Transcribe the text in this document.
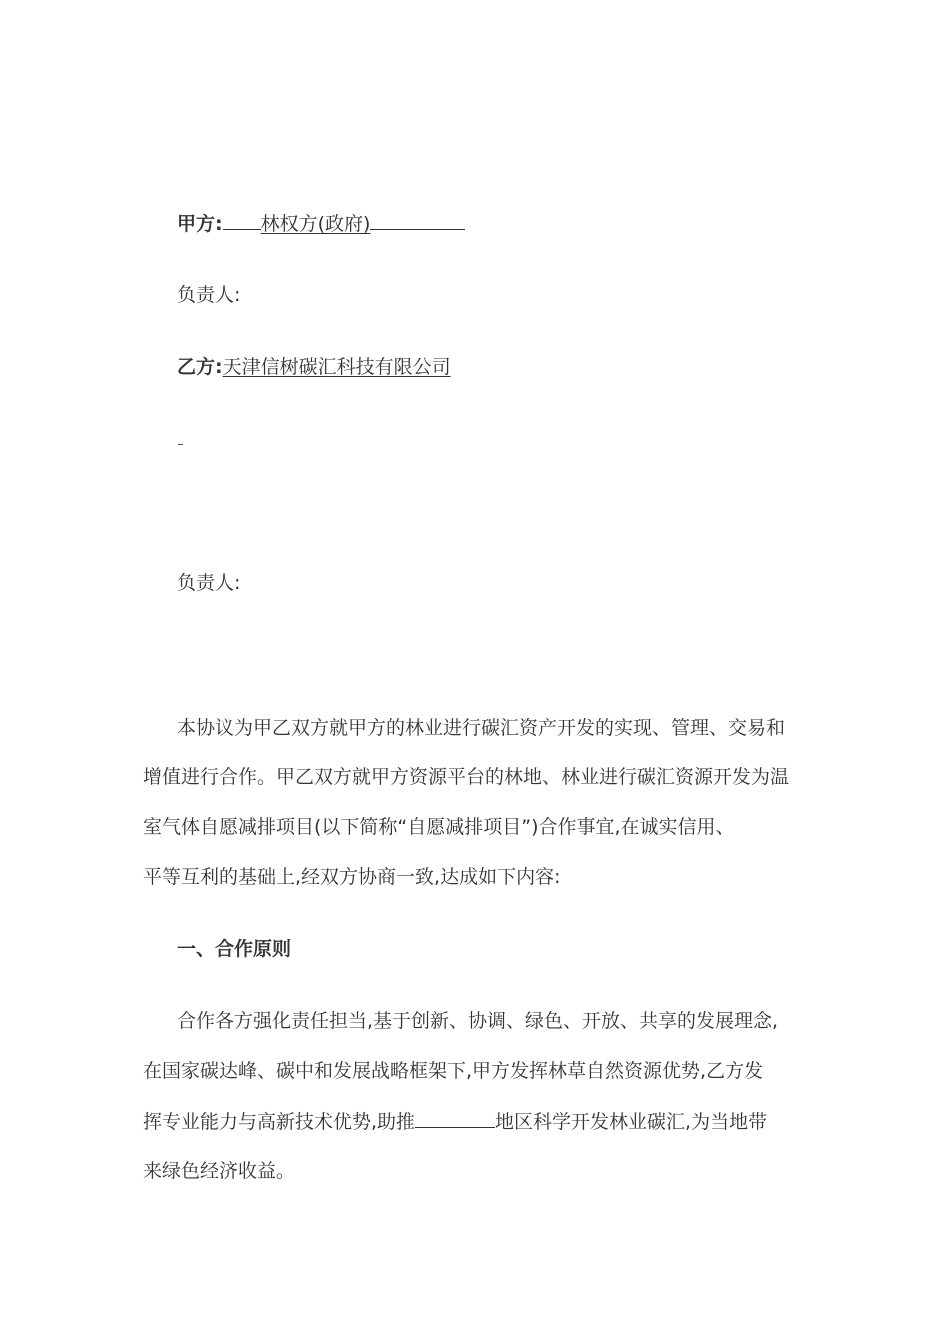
甲方: 林权方(政府)
负责人:
乙方:天津信树碳汇科技有限公司
负责人:
本协议为甲乙双方就甲方的林业进行碳汇资产开发的实现、管理、交易和
增值进行合作。甲乙双方就甲方资源平台的林地、林业进行碳汇资源开发为温
室气体自愿减排项目(以下简称“自愿减排项目”)合作事宜,在诚实信用、
平等互利的基础上,经双方协商一致,达成如下内容:
一、合作原则
合作各方强化责任担当,基于创新、协调、绿色、开放、共享的发展理念,
在国家碳达峰、碳中和发展战略框架下,甲方发挥林草自然资源优势,乙方发
挥专业能力与高新技术优势,助推	地区科学开发林业碳汇,为当地带
来绿色经济收益。
